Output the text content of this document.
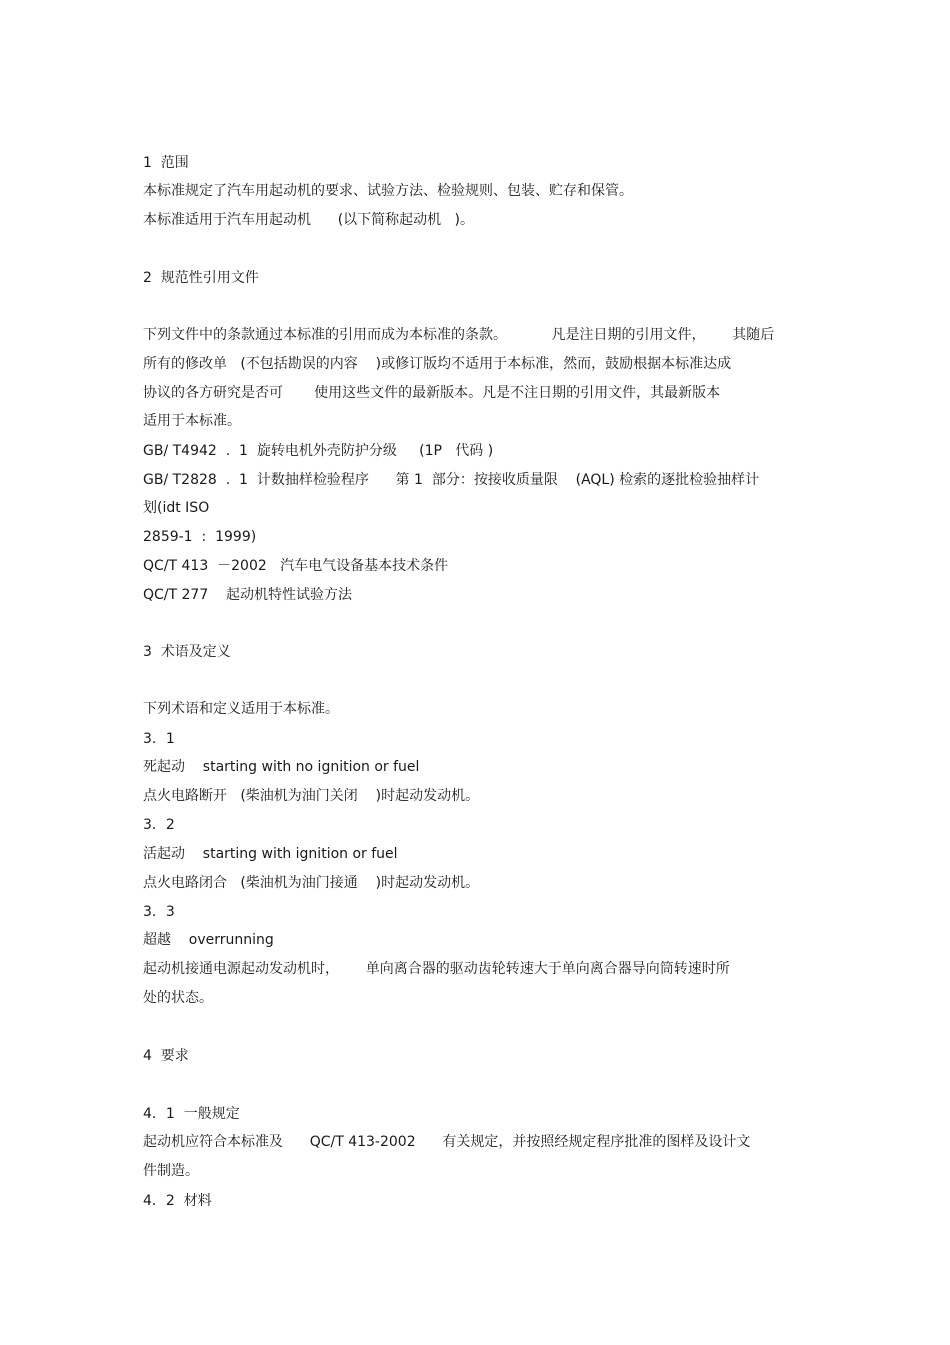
1  范围
本标准规定了汽车用起动机的要求、试验方法、检验规则、包装、贮存和保管。
本标准适用于汽车用起动机      (以下简称起动机   )。
2  规范性引用文件
下列文件中的条款通过本标准的引用而成为本标准的条款。          凡是注日期的引用文件，      其随后
所有的修改单   (不包括勘误的内容    )或修订版均不适用于本标准，然而，鼓励根据本标准达成
协议的各方研究是否可       使用这些文件的最新版本。凡是不注日期的引用文件，其最新版本
适用于本标准。
GB/ T4942  .  1  旋转电机外壳防护分级     (1P   代码 )
GB/ T2828  .  1  计数抽样检验程序      第 1  部分：按接收质量限    (AQL) 检索的逐批检验抽样计
划(idt ISO
2859-1  :  1999)
QC/T 413  －2002   汽车电气设备基本技术条件
QC/T 277    起动机特性试验方法
3  术语及定义
下列术语和定义适用于本标准。
3．1
死起动    starting with no ignition or fuel
点火电路断开   (柴油机为油门关闭    )时起动发动机。
3．2
活起动    starting with ignition or fuel
点火电路闭合   (柴油机为油门接通    )时起动发动机。
3．3
超越    overrunning
起动机接通电源起动发动机时，      单向离合器的驱动齿轮转速大于单向离合器导向筒转速时所
处的状态。
4  要求
4．1  一般规定
起动机应符合本标准及      QC/T 413-2002      有关规定，并按照经规定程序批准的图样及设计文
件制造。
4．2  材料
